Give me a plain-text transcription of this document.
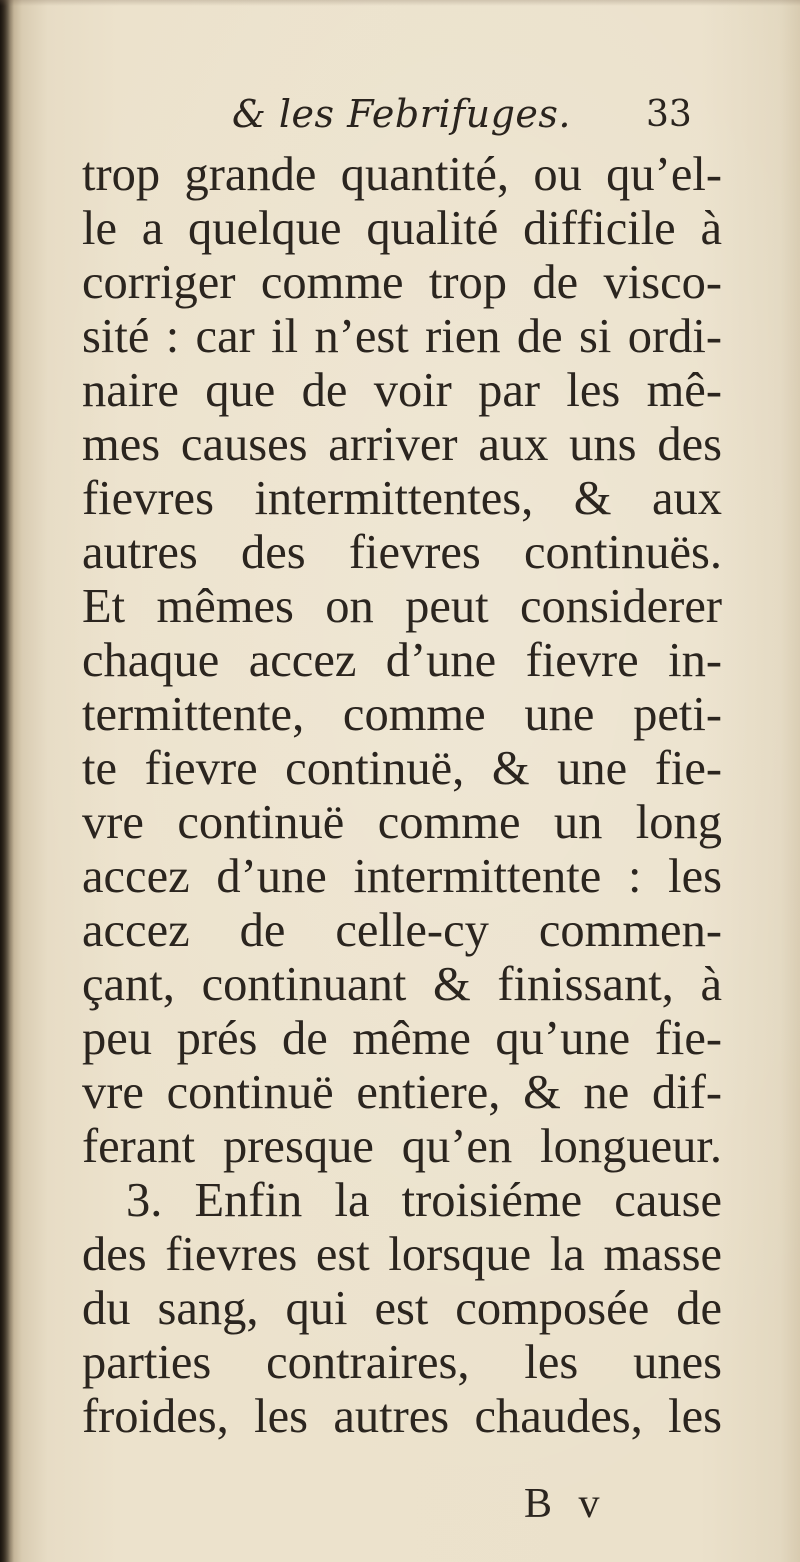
& les Febrifuges. 33
trop grande quantité, ou qu’el-
le a quelque qualité difficile à
corriger comme trop de visco-
sité : car il n’est rien de si ordi-
naire que de voir par les mê-
mes causes arriver aux uns des
fievres intermittentes, & aux
autres des fievres continuës.
Et mêmes on peut considerer
chaque accez d’une fievre in-
termittente, comme une peti-
te fievre continuë, & une fie-
vre continuë comme un long
accez d’une intermittente : les
accez de celle-cy commen-
çant, continuant & finissant, à
peu prés de même qu’une fie-
vre continuë entiere, & ne dif-
ferant presque qu’en longueur.
3. Enfin la troisiéme cause
des fievres est lorsque la masse
du sang, qui est composée de
parties contraires, les unes
froides, les autres chaudes, les
B v
